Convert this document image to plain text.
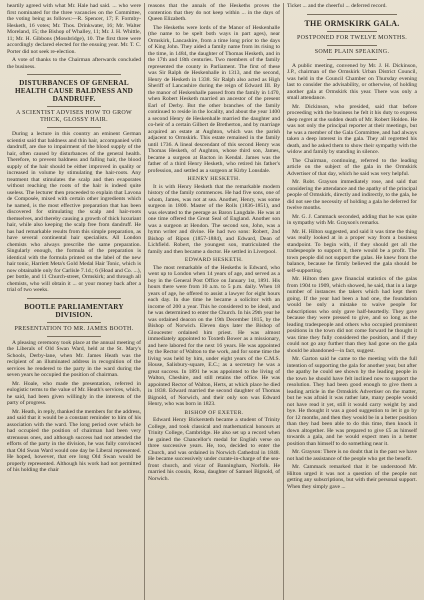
heartily agreed with what Mr. Hale had said. ... who were first nominated for the three vacancies on the Committee, the voting being as follows:—R. Spencer, 17; F. Formby-Hesketh, 16 votes; Mr. Thos. Drinkwater, 16; Mr. Walter Moreland, 15; the Bishop of Whalley, 11; Mr. J. H. Whittle, 11; Mr. H. Gibbons (Mossbridge), 10. The first three were accordingly declared elected for the ensuing year. Mr. T. C. Porter did not seek re-election.

A vote of thanks to the Chairman afterwards concluded the business.

DISTURBANCES OF GENERAL HEALTH CAUSE BALDNESS AND DANDRUFF.
A SCIENTIST ADVISES HOW TO GROW THICK, GLOSSY HAIR.

During a lecture in this country an eminent German scientist said that baldness and thin hair, accompanied with dandruff, are due to impairment of the blood supply of the hair, often caused by disturbances of the general health. Therefore, to prevent baldness and falling hair, the blood supply of the hair should be either improved in quality or increased in volume by stimulating the hair-roots. Any treatment that stimulates the scalp and then evaporates without reaching the roots of the hair is indeed quite useless. The lecturer then proceeded to explain that Lavona de Composée, mixed with certain other ingredients which he named, is the most effective preparation that has been discovered for stimulating the scalp and hair-roots themselves, and thereby causing a growth of thick luxuriant hair, while also keeping the scalp free from dandruff. He has had remarkable results from this simple preparation, as have several continental hair specialists. All London chemists who always prescribe the same preparation. Singularly enough, the formula of the preparation is identical with the formula printed on the label of the new hair tonic, Harriett Meta's Gold Medal Hair Tonic, which is now obtainable only for Carlisle 7.1d.; 6 (Hoad and Co. ...), per bottle, and 11 Church-street, Ormskirk; and through all chemists, who will obtain it ... or your money back after a trial of two weeks.

BOOTLE PARLIAMENTARY DIVISION.
PRESENTATION TO MR. JAMES BOOTH.

A pleasing ceremony took place at the annual meeting of the Liberals of Old Swan Ward, held at the St. Mary's Schools, Derby-lane, when Mr. James Heath was the recipient of an illuminated address in recognition of the services he rendered to the party in the ward during the seven years he occupied the position of chairman.

Mr. Hoale, who made the presentation, referred in eulogistic terms to the value of Mr. Heath's services, which, he said, had been given willingly in the interests of the party of progress.

Mr. Heath, in reply, thanked the members for the address, and said that it would be a constant reminder to him of his association with the ward. The long period over which he had occupied the position of chairman had been very strenuous ones, and although success had not attended the efforts of the party in the division, he was fully convinced that Old Swan Ward would one day be Liberal represented. He hoped, however, that ere long Old Swan would be properly represented. Although his work had not permitted of his holding the chair

reasons that the annals of the Heskeths proves the contention that they do not keep within ... in the days of Queen Elizabeth.

The Heskeths were lords of the Manor of Heskenhalle (the name to be spelt both ways in part ages), near Ormskirk, Lancashire, from a time long prior to the days of King John. They aided a family name from its rising to the time, in 1484, the daughter of Thomas Hesketh, and in the 17th and 18th centuries. Two members of the family represented the county in Parliament. The first of these was Sir Ralph de Heskenhalle in 1313, and the second, Henry de Hesketh in 1338. Sir Ralph also acted as High Sheriff of Lancashire during the reign of Edward III. By the manor of Heskenhalle passed from the family in 1470, when Robert Hesketh married an ancestor of the present Earl of Derby. But the other branches of the family continued to reside in the locality, and about the year 1400 a second Henry de Heskenhalle married the daughter and co-heir of a certain Gilbert de Bretherton, and by marriage acquired an estate at Aughton, which was the parish adjacent to Ormskirk. This estate remained in the family until 1736. A lineal descendant of this second Henry was Thomas Hesketh, of Aughton, whose third son, James, became a surgeon at Bacton in Kendal. James was the father of a third Henry Hesketh, who retired his father's profession, and settled as a surgeon at Kirby Lonsdale.

HENRY HESKETH.

It is with Henry Hesketh that the remarkable modern history of the family commences. He had five sons, one of whom, James, was not at sea. Another, Henry, was some surgeon in 1800. Master of the Rolls (1836-1851), and was elevated to the peerage as Baron Langdale. He was at one time offered the Great Seal of England. Another son was a surgeon at Hendon. The second son, John, was a hymn writer and divine. He had two sons: Robert, 2nd Bishop of Ripon (1857-1884), and Edward, Dean of Lichfield. Robert, the youngest son, matriculated the family and then became a doctor. He settled in Liverpool.

EDWARD HESKETH.

The most remarkable of the Heskeths is Edward, who went up to London when 14 years of age, and served as a boy in the General Post Office on January 1st, 1891. His hours there were from 10 a.m. to 5 p.m. daily. When 18 years of age, he offered to assist a lawyer for eight hours each day. In due time he became a solicitor with an income of 200 a year. This he considered to be ideal, and he was determined to enter the Church. In his 29th year he was ordained deacon on the 19th December 1815, by the Bishop of Norwich. Eleven days later the Bishop of Gloucester ordained him priest. He was almost immediately appointed to Toxteth Bower as a missionary, and here labored for the next 16 years. He was appointed by the Rector of Walton to the work, and for some time the living was held by him, under eight years of the C.M.S. House, Salisbury-square, E.C.; as a secretary he was a great success. In 1891 he was appointed to the living of Walton, Cheshire, and still retains the office. He was appointed Rector of Walton, Herts, at which place he died in 1838. Edward married the second daughter of Thomas Bignold, of Norwich, and their only son was Edward Henry, who was born in 1823.

BISHOP OF EXETER.

Edward Henry Bickersteth became a student of Trinity College, and took classical and mathematical honours at Trinity College, Cambridge. He also set up a record when he gained the Chancellor's medal for English verse on three successive years. He, too, decided to enter the Church, and was ordained in Norwich Cathedral in 1848. He became successively under curate-in-charge of the sea-front church, and vicar of Banningham, Norfolk. He married his cousin, Rosa, daughter of Samuel Bignold, of Norwich.

Ticket ... and the cheerful ... deferred record.

THE ORMSKIRK GALA.
POSTPONED FOR TWELVE MONTHS.
SOME PLAIN SPEAKING.

A public meeting, convened by Mr. J. H. Dickinson, J.P., chairman of the Ormskirk Urban District Council, was held in the Council Chamber on Thursday evening last to consider the advisability, or otherwise, of holding another gala at Ormskirk this year. There was only a small attendance.

Mr. Dickinson, who presided, said that before proceeding with the business he felt it his duty to express deep regret at the sudden death of Mr. Robert Holden. He was not only the principal reporter at their meetings, but he was a member of the Gala Committee, and had always taken a deep interest in the gala. They all regretted his death, and he asked them to show their sympathy with the widow and family by standing in silence.

The Chairman, continuing, referred to the leading article on the subject of the gala in the Ormskirk Advertiser of that day, which he said was very helpful.

Mr. Robt. Grayson immediately rose, and said that considering the attendance and the apathy of the principal people of Ormskirk, directly and indirectly, to the gala, he did not see the necessity of holding a gala he deferred for twelve months.

Mr. G. J. Cammack seconded, adding that he was quite in sympathy with Mr. Grayson's remarks.

Mr. H. Hilton suggested, and said it was time the thing was really looked at in a proper way from a business standpoint. To begin with, if they should get all the tradespeople to support it, there would be a profit. The town people did not support the galas. He knew from the balance, because he firmly believed the gala should be self-supporting.

Mr. Hilton then gave financial statistics of the galas from 1904 to 1909, which showed, he said, that in a large number of instances the takers which had kept them going. If the year had been a bad one, the foundation would be only a mistake to waive people for subscriptions who only gave half-heartedly. They gave because they were pressed to give, and so long as the leading tradespeople and others who occupied prominent positions in the town did not come forward he thought it was time they fully considered the position, and if they could not go any further than they had gone on the gala should be abandoned—in fact, suggest.

Mr. Garton said he came to the meeting with the full intention of supporting the gala for another year, but after the apathy he could see shown by the leading people in the town he should have felt inclined now to support the resolution. They had been good enough to give them a leading article in the Ormskirk Advertiser on the matter, but he was afraid it was rather late, many people would not have read it yet, still it would carry weight by and bye. He thought it was a good suggestion to let it go by for 12 months, and then they would be in a better position than they had been able to do this time, then knock it down altogether. He was prepared to give £5 as himself towards a gala, and he would expect men in a better position than himself to do something near it.

Mr. Grayson: There is no doubt that in the past we have not had the assistance of the people who get the benefit.

Mr. Cammack remarked that it be understood Mr. Hilton urged it was not a question of the people not getting any subscriptions, but with their personal support. When they simply gave ...
